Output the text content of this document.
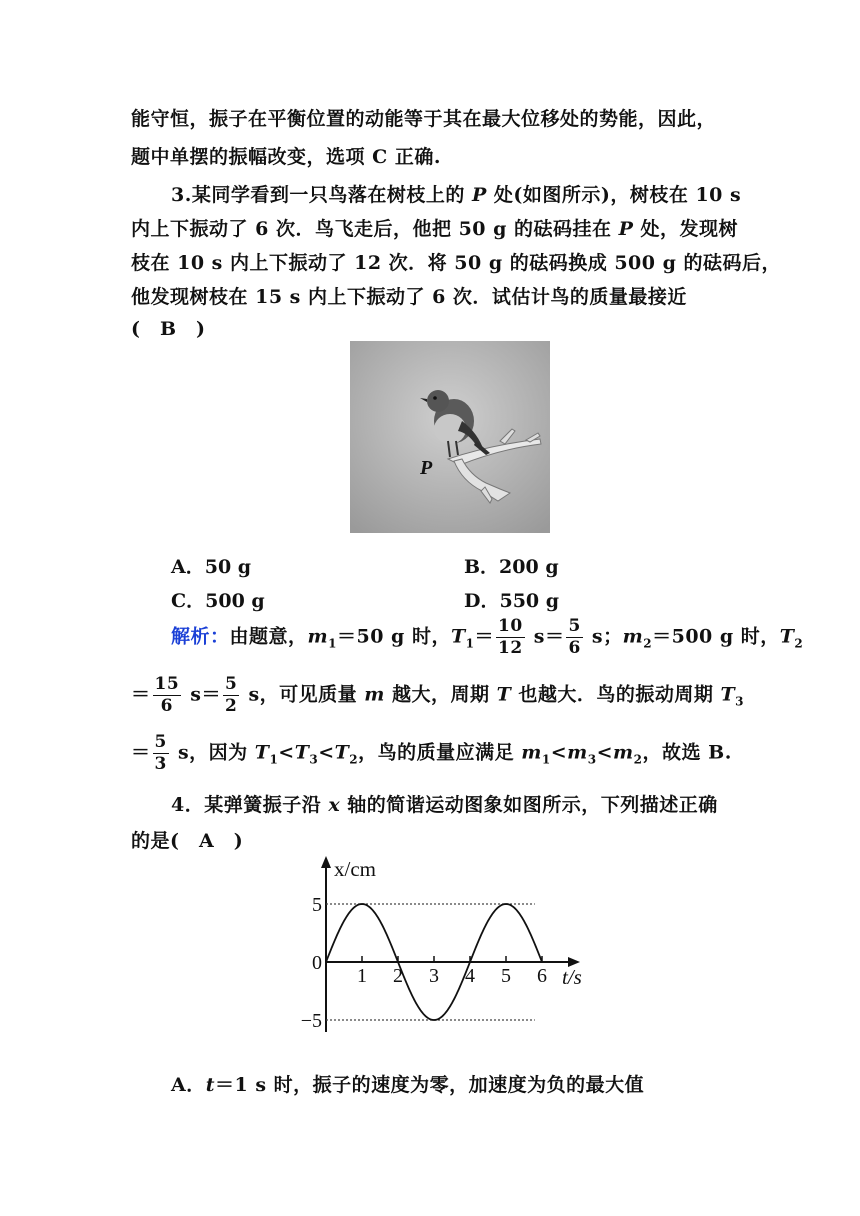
能守恒，振子在平衡位置的动能等于其在最大位移处的势能，因此，
题中单摆的振幅改变，选项 C 正确.
3.某同学看到一只鸟落在树枝上的 P 处(如图所示)，树枝在 10 s
内上下振动了 6 次．鸟飞走后，他把 50 g 的砝码挂在 P 处，发现树
枝在 10 s 内上下振动了 12 次．将 50 g 的砝码换成 500 g 的砝码后，
他发现树枝在 15 s 内上下振动了 6 次．试估计鸟的质量最接近
(　B　)
P
A．50 g	B．200 g
C．500 g	D．550 g
解析：由题意，$m_1=50$ g 时，$T_1= \frac{10}{12} s= \frac{5}{6}$ s；$m_2=500$ g 时，$T_2$
＝ $\frac{15}{6} s= \frac{5}{2}$ s，可见质量 m 越大，周期 T 也越大．鸟的振动周期 $T_3$
＝ $\frac{5}{3}$ s，因为 $T_1<T_3<T_2$，鸟的质量应满足 $m_1<m_3<m_2$，故选 B.
4．某弹簧振子沿 x 轴的简谐运动图象如图所示，下列描述正确
的是(　A　)
1 2 3 4 5 6
5
0
−5
x/cm
t/s
A．t＝1 s 时，振子的速度为零，加速度为负的最大值
